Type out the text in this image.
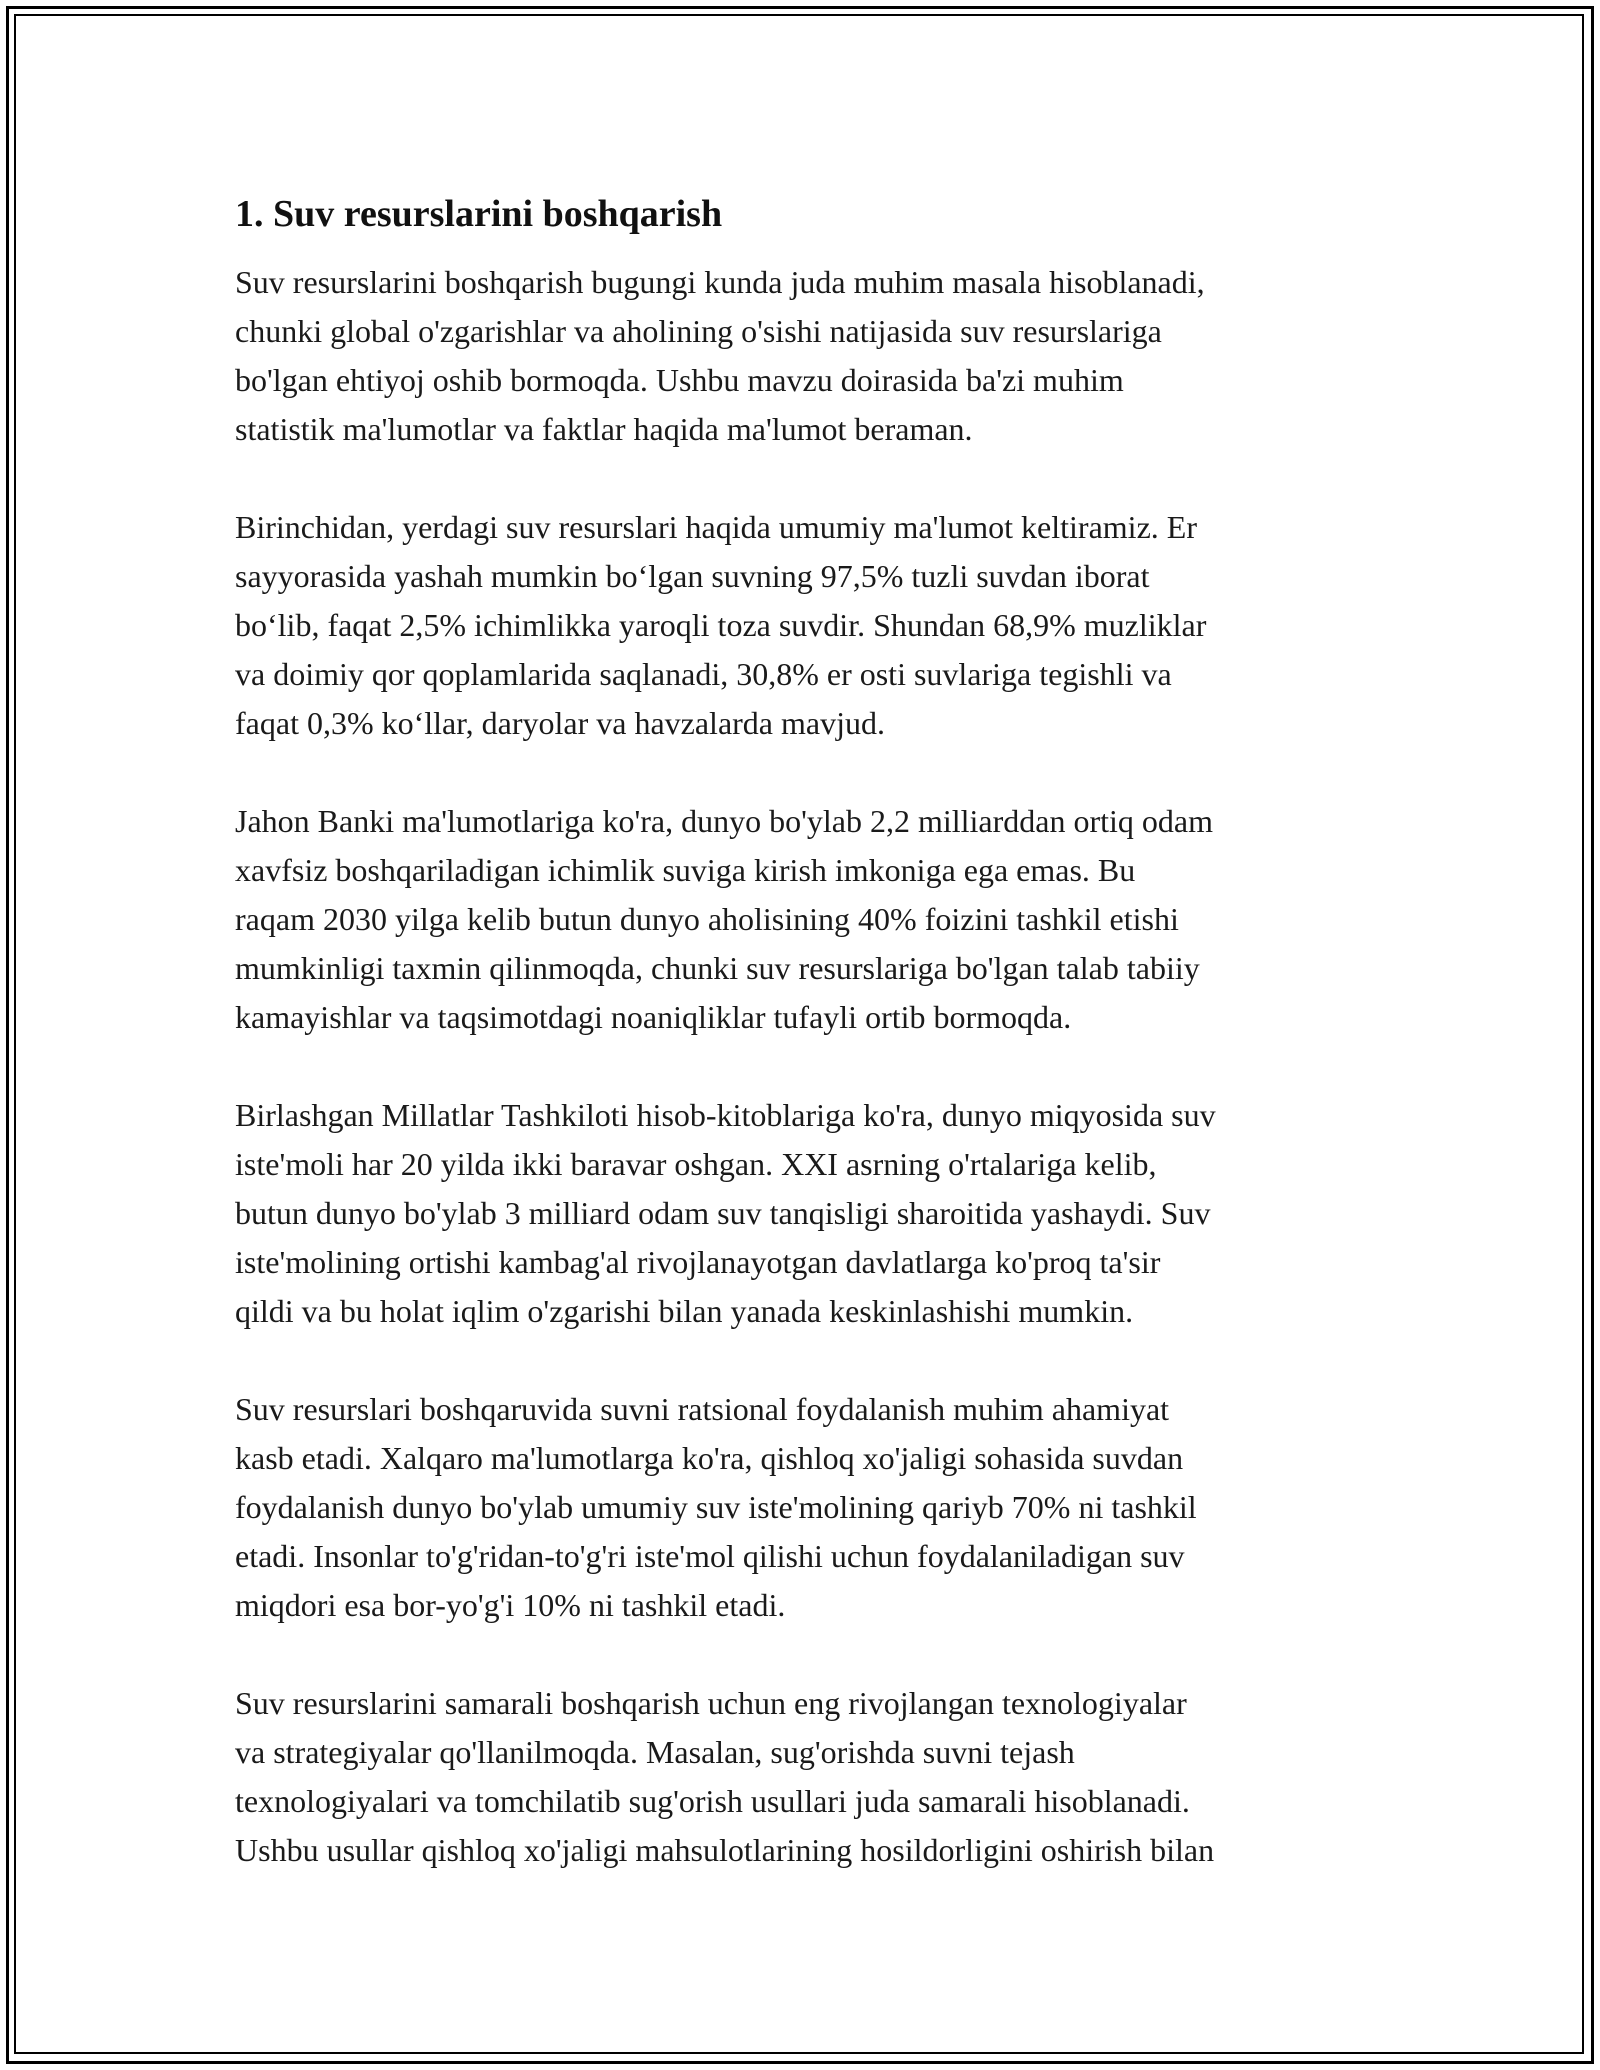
1. Suv resurslarini boshqarish

Suv resurslarini boshqarish bugungi kunda juda muhim masala hisoblanadi,
chunki global o'zgarishlar va aholining o'sishi natijasida suv resurslariga
bo'lgan ehtiyoj oshib bormoqda. Ushbu mavzu doirasida ba'zi muhim
statistik ma'lumotlar va faktlar haqida ma'lumot beraman.

Birinchidan, yerdagi suv resurslari haqida umumiy ma'lumot keltiramiz. Er
sayyorasida yashah mumkin bo‘lgan suvning 97,5% tuzli suvdan iborat
bo‘lib, faqat 2,5% ichimlikka yaroqli toza suvdir. Shundan 68,9% muzliklar
va doimiy qor qoplamlarida saqlanadi, 30,8% er osti suvlariga tegishli va
faqat 0,3% ko‘llar, daryolar va havzalarda mavjud.

Jahon Banki ma'lumotlariga ko'ra, dunyo bo'ylab 2,2 milliarddan ortiq odam
xavfsiz boshqariladigan ichimlik suviga kirish imkoniga ega emas. Bu
raqam 2030 yilga kelib butun dunyo aholisining 40% foizini tashkil etishi
mumkinligi taxmin qilinmoqda, chunki suv resurslariga bo'lgan talab tabiiy
kamayishlar va taqsimotdagi noaniqliklar tufayli ortib bormoqda.

Birlashgan Millatlar Tashkiloti hisob-kitoblariga ko'ra, dunyo miqyosida suv
iste'moli har 20 yilda ikki baravar oshgan. XXI asrning o'rtalariga kelib,
butun dunyo bo'ylab 3 milliard odam suv tanqisligi sharoitida yashaydi. Suv
iste'molining ortishi kambag'al rivojlanayotgan davlatlarga ko'proq ta'sir
qildi va bu holat iqlim o'zgarishi bilan yanada keskinlashishi mumkin.

Suv resurslari boshqaruvida suvni ratsional foydalanish muhim ahamiyat
kasb etadi. Xalqaro ma'lumotlarga ko'ra, qishloq xo'jaligi sohasida suvdan
foydalanish dunyo bo'ylab umumiy suv iste'molining qariyb 70% ni tashkil
etadi. Insonlar to'g'ridan-to'g'ri iste'mol qilishi uchun foydalaniladigan suv
miqdori esa bor-yo'g'i 10% ni tashkil etadi.

Suv resurslarini samarali boshqarish uchun eng rivojlangan texnologiyalar
va strategiyalar qo'llanilmoqda. Masalan, sug'orishda suvni tejash
texnologiyalari va tomchilatib sug'orish usullari juda samarali hisoblanadi.
Ushbu usullar qishloq xo'jaligi mahsulotlarining hosildorligini oshirish bilan
